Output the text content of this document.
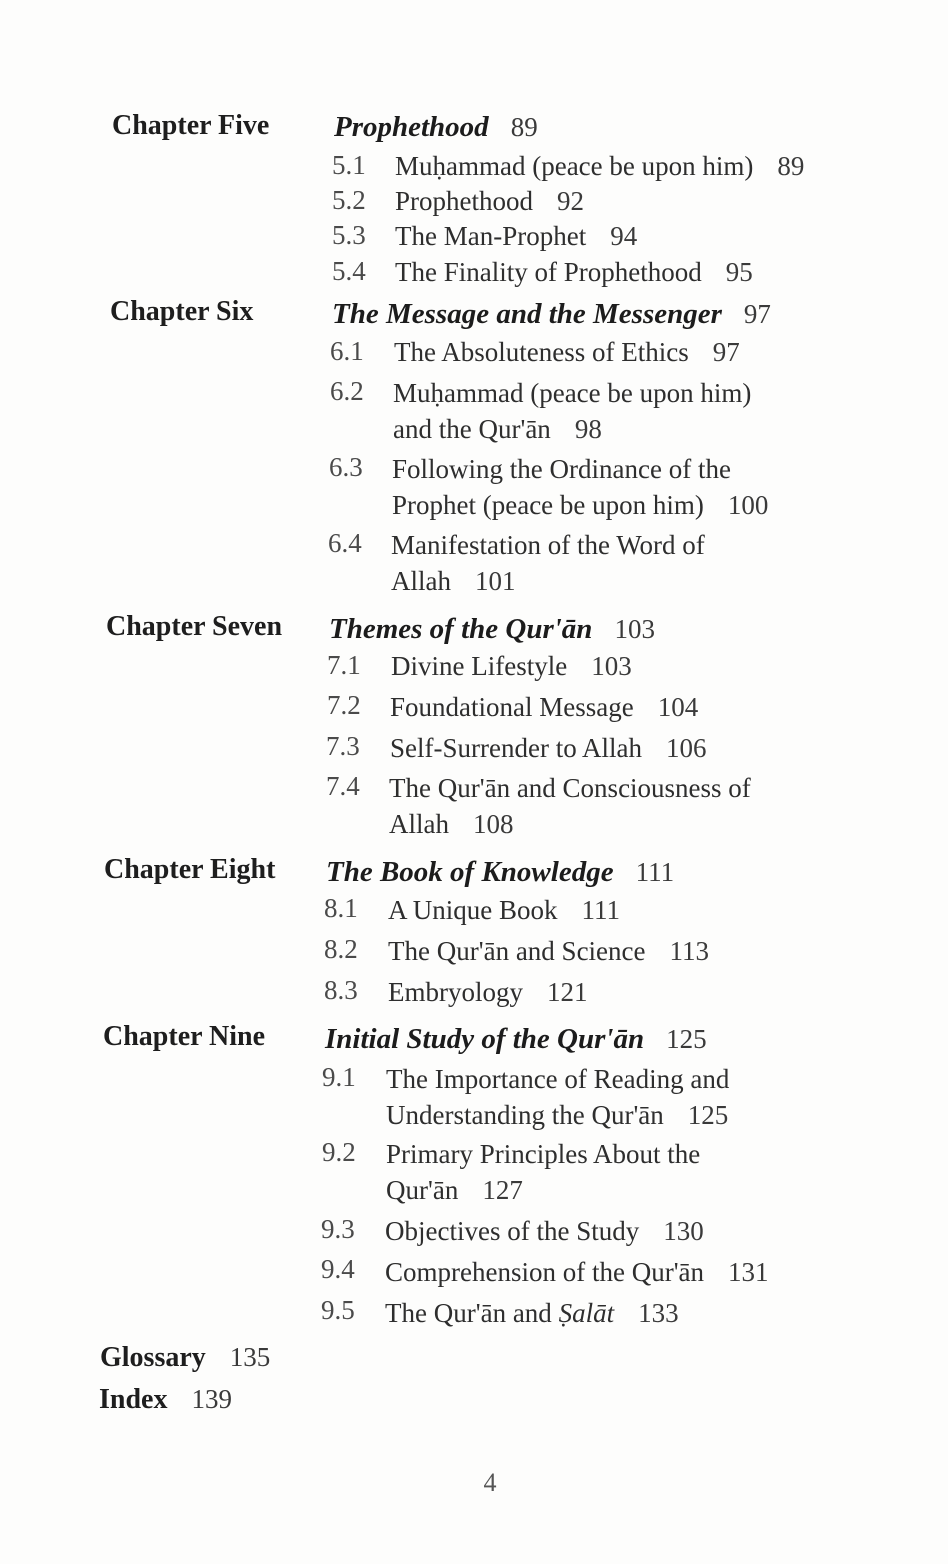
Chapter Five Prophethood 89
5.1 Muḥammad (peace be upon him) 89
5.2 Prophethood 92
5.3 The Man-Prophet 94
5.4 The Finality of Prophethood 95
Chapter Six	The Message and the Messenger 97
6.1 The Absoluteness of Ethics 97
6.2 Muḥammad (peace be upon him)
and the Qur'ān 98
6.3 Following the Ordinance of the
Prophet (peace be upon him) 100
6.4 Manifestation of the Word of
Allah 101
Chapter Seven Themes of the Qur'ān 103
7.1 Divine Lifestyle 103
7.2 Foundational Message 104
7.3 Self-Surrender to Allah 106
7.4 The Qur'ān and Consciousness of
Allah 108
Chapter Eight The Book of Knowledge 111
8.1 A Unique Book 111
8.2 The Qur'ān and Science 113
8.3 Embryology 121
Chapter Nine Initial Study of the Qur'ān 125
9.1 The Importance of Reading and
Understanding the Qur'ān 125
9.2 Primary Principles About the
Qur'ān 127
9.3 Objectives of the Study 130
9.4 Comprehension of the Qur'ān 131
9.5 The Qur'ān and Ṣalāt 133
Glossary 135
Index 139
4
